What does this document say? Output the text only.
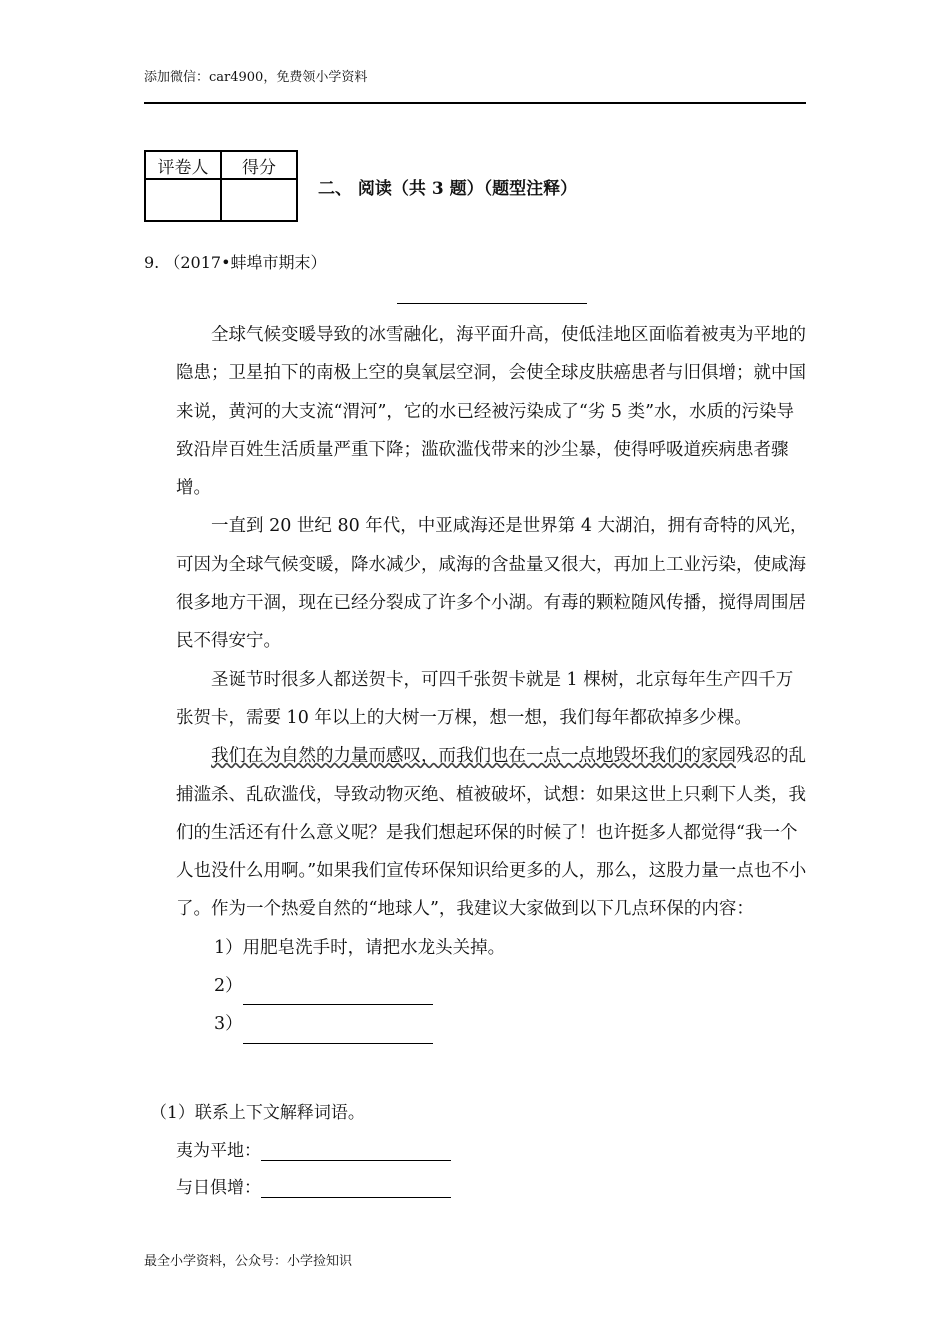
添加微信：car4900，免费领小学资料
评卷人	得分

二、 阅读（共 3 题）（题型注释）
9. （2017•蚌埠市期末）

全球气候变暖导致的冰雪融化，海平面升高，使低洼地区面临着被夷为平地的隐患；卫星拍下的南极上空的臭氧层空洞，会使全球皮肤癌患者与旧俱增；就中国来说，黄河的大支流“渭河”，它的水已经被污染成了“劣 5 类”水，水质的污染导致沿岸百姓生活质量严重下降；滥砍滥伐带来的沙尘暴，使得呼吸道疾病患者骤增。

一直到 20 世纪 80 年代，中亚咸海还是世界第 4 大湖泊，拥有奇特的风光，可因为全球气候变暖，降水减少，咸海的含盐量又很大，再加上工业污染，使咸海很多地方干涸，现在已经分裂成了许多个小湖。有毒的颗粒随风传播，搅得周围居民不得安宁。

圣诞节时很多人都送贺卡，可四千张贺卡就是 1 棵树，北京每年生产四千万张贺卡，需要 10 年以上的大树一万棵，想一想，我们每年都砍掉多少棵。

我们在为自然的力量而感叹，而我们也在一点一点地毁坏我们的家园残忍的乱捕滥杀、乱砍滥伐，导致动物灭绝、植被破坏，试想：如果这世上只剩下人类，我们的生活还有什么意义呢？是我们想起环保的时候了！也许挺多人都觉得“我一个人也没什么用啊。”如果我们宣传环保知识给更多的人，那么，这股力量一点也不小了。作为一个热爱自然的“地球人”，我建议大家做到以下几点环保的内容：

1）用肥皂洗手时，请把水龙头关掉。
2）
3）
（1）联系上下文解释词语。
夷为平地：
与日俱增：
最全小学资料，公众号：小学捡知识
